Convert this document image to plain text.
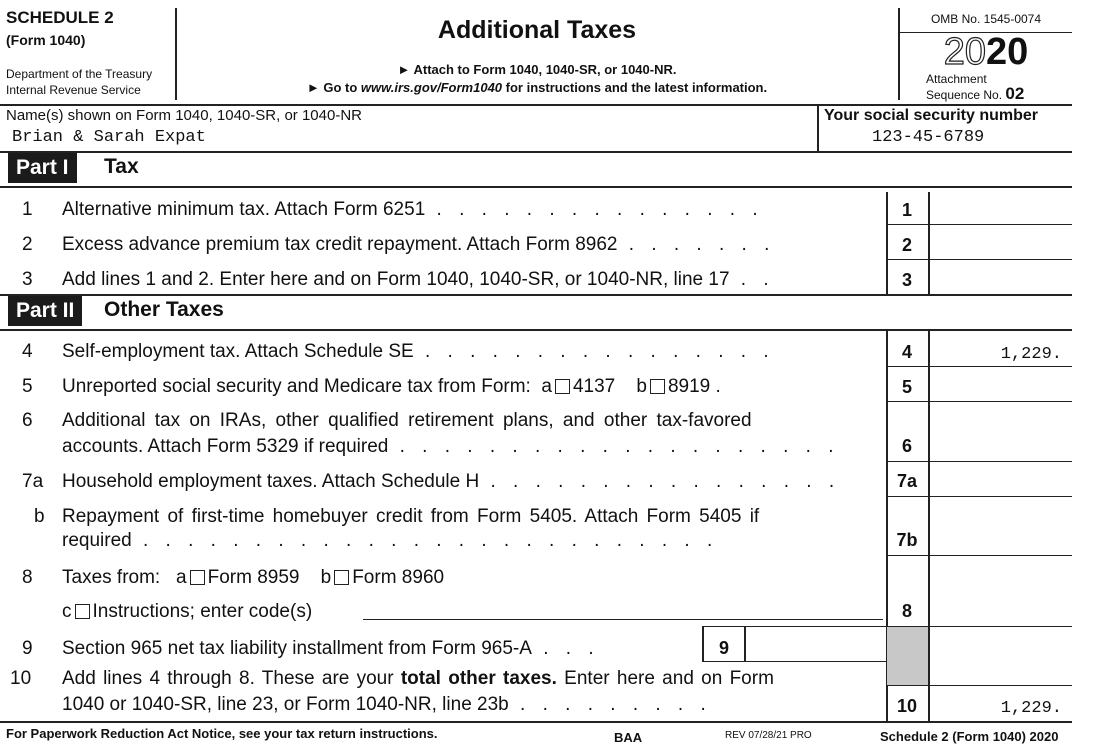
SCHEDULE 2
(Form 1040)
Department of the Treasury
Internal Revenue Service
Additional Taxes
► Attach to Form 1040, 1040-SR, or 1040-NR.
► Go to www.irs.gov/Form1040 for instructions and the latest information.
OMB No. 1545-0074
2020
Attachment
Sequence No. 02
Name(s) shown on Form 1040, 1040-SR, or 1040-NR
Brian & Sarah Expat
Your social security number
123-45-6789
Part I	Tax
1	Alternative minimum tax. Attach Form 6251 . . . . . . . . . . . . . . .	1
2	Excess advance premium tax credit repayment. Attach Form 8962 . . . . . . .	2
3	Add lines 1 and 2. Enter here and on Form 1040, 1040-SR, or 1040-NR, line 17 . .	3
Part II	Other Taxes
4	Self-employment tax. Attach Schedule SE . . . . . . . . . . . . . . . .	4	1,229.
5	Unreported social security and Medicare tax from Form: a 4137 b 8919 .	5
6	Additional tax on IRAs, other qualified retirement plans, and other tax-favored
accounts. Attach Form 5329 if required . . . . . . . . . . . . . . . . . . . .	6
7a Household employment taxes. Attach Schedule H . . . . . . . . . . . . . . . .	7a
b Repayment of first-time homebuyer credit from Form 5405. Attach Form 5405 if
required . . . . . . . . . . . . . . . . . . . . . . . . . .	7b
8	Taxes from: a Form 8959 b Form 8960
c Instructions; enter code(s)	8
9	Section 965 net tax liability installment from Form 965-A . . .	9
10	Add lines 4 through 8. These are your total other taxes. Enter here and on Form
1040 or 1040-SR, line 23, or Form 1040-NR, line 23b . . . . . . . . .	10	1,229.
For Paperwork Reduction Act Notice, see your tax return instructions.	BAA	REV 07/28/21 PRO	Schedule 2 (Form 1040) 2020
